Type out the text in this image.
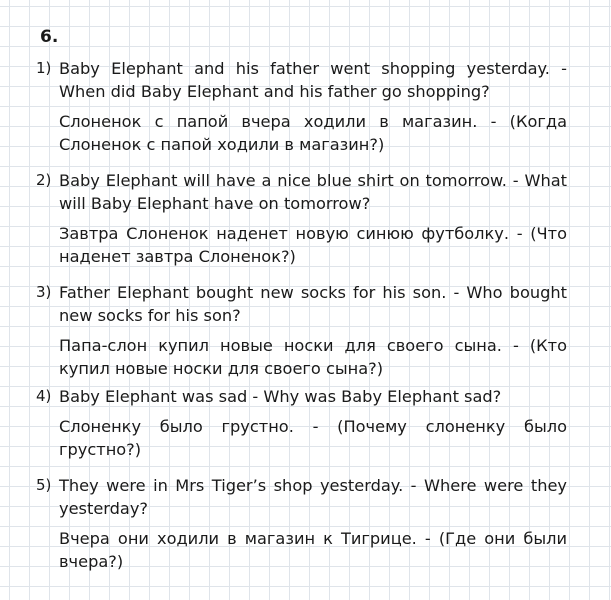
6.
1) Baby Elephant and his father went shopping yesterday. - When did Baby Elephant and his father go shopping?
Слоненок с папой вчера ходили в магазин. - (Когда Слоненок с папой ходили в магазин?)
2) Baby Elephant will have a nice blue shirt on tomorrow. - What will Baby Elephant have on tomorrow?
Завтра Слоненок наденет новую синюю футболку. - (Что наденет завтра Слоненок?)
3) Father Elephant bought new socks for his son. - Who bought new socks for his son?
Папа-слон купил новые носки для своего сына. - (Кто купил новые носки для своего сына?)
4) Baby Elephant was sad - Why was Baby Elephant sad?
Слоненку было грустно. - (Почему слоненку было грустно?)
5) They were in Mrs Tiger’s shop yesterday. - Where were they yesterday?
Вчера они ходили в магазин к Тигрице. - (Где они были вчера?)
